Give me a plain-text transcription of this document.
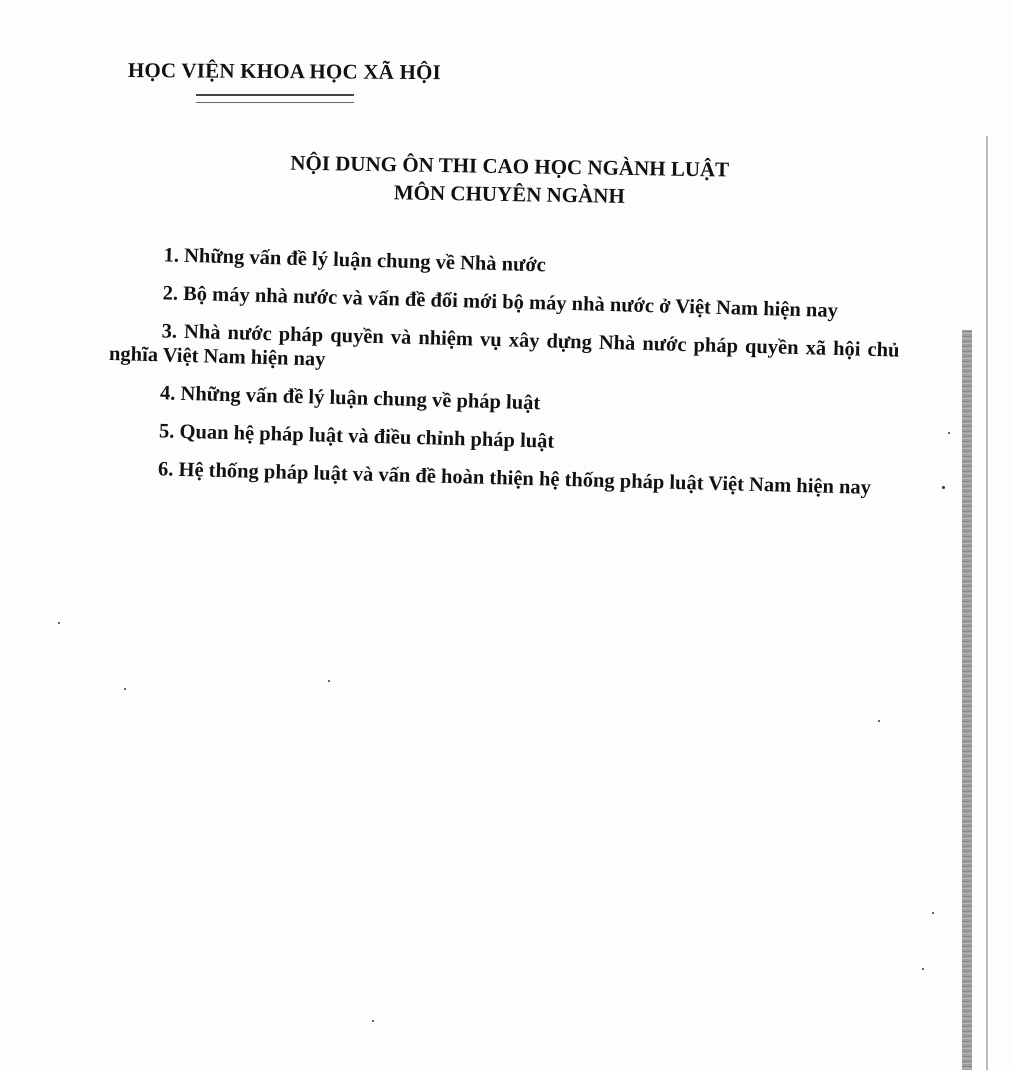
HỌC VIỆN KHOA HỌC XÃ HỘI
NỘI DUNG ÔN THI CAO HỌC NGÀNH LUẬT
MÔN CHUYÊN NGÀNH

1. Những vấn đề lý luận chung về Nhà nước

2. Bộ máy nhà nước và vấn đề đổi mới bộ máy nhà nước ở Việt Nam hiện nay

3. Nhà nước pháp quyền và nhiệm vụ xây dựng Nhà nước pháp quyền xã hội chủ nghĩa Việt Nam hiện nay

4. Những vấn đề lý luận chung về pháp luật

5. Quan hệ pháp luật và điều chỉnh pháp luật

6. Hệ thống pháp luật và vấn đề hoàn thiện hệ thống pháp luật Việt Nam hiện nay
